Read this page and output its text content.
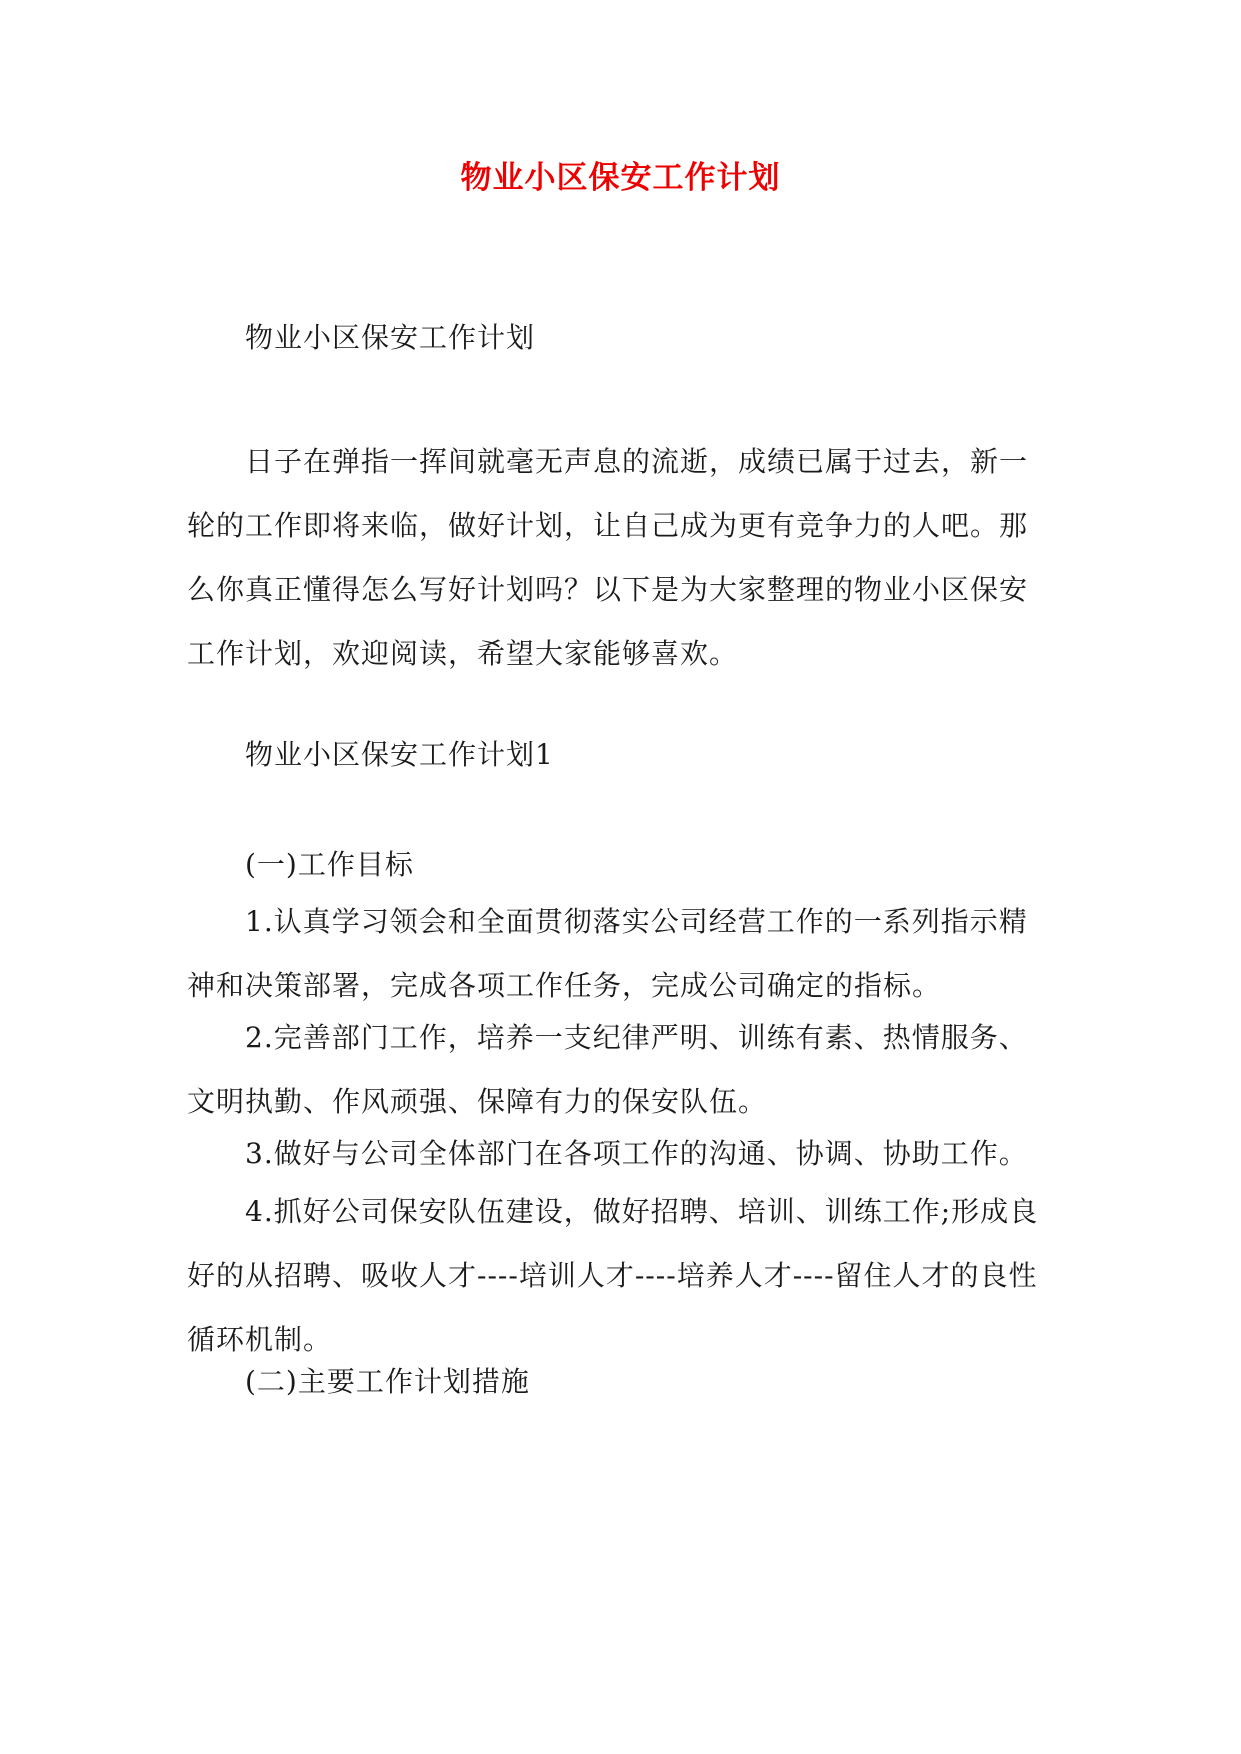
物业小区保安工作计划

物业小区保安工作计划

日子在弹指一挥间就毫无声息的流逝，成绩已属于过去，新一轮的工作即将来临，做好计划，让自己成为更有竞争力的人吧。那么你真正懂得怎么写好计划吗？以下是为大家整理的物业小区保安工作计划，欢迎阅读，希望大家能够喜欢。

物业小区保安工作计划1

(一)工作目标

1.认真学习领会和全面贯彻落实公司经营工作的一系列指示精神和决策部署，完成各项工作任务，完成公司确定的指标。

2.完善部门工作，培养一支纪律严明、训练有素、热情服务、文明执勤、作风顽强、保障有力的保安队伍。

3.做好与公司全体部门在各项工作的沟通、协调、协助工作。

4.抓好公司保安队伍建设，做好招聘、培训、训练工作;形成良好的从招聘、吸收人才----培训人才----培养人才----留住人才的良性循环机制。

(二)主要工作计划措施
